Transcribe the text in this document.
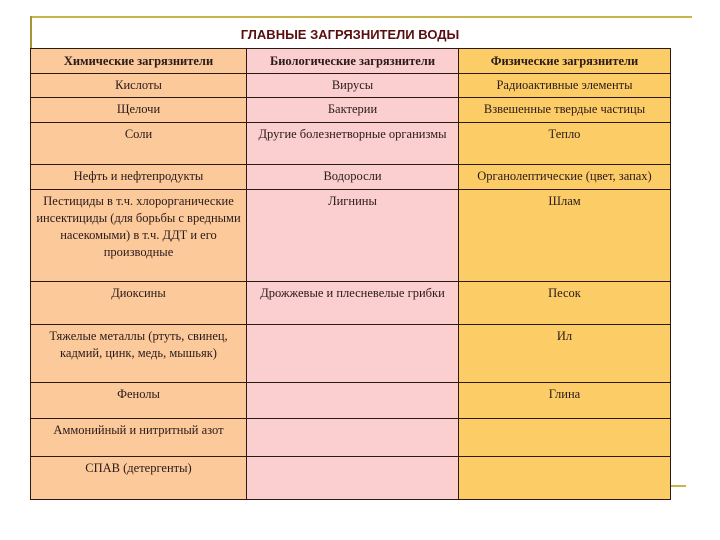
ГЛАВНЫЕ ЗАГРЯЗНИТЕЛИ ВОДЫ
Химические загрязнители	Биологические загрязнители	Физические загрязнители
Кислоты	Вирусы	Радиоактивные элементы
Щелочи	Бактерии	Взвешенные твердые частицы
Соли	Другие болезнетворные организмы	Тепло
Нефть и нефтепродукты	Водоросли	Органолептические (цвет, запах)
Пестициды в т.ч. хлорорганические инсектициды (для борьбы с вредными насекомыми) в т.ч. ДДТ и его производные	Лигнины	Шлам
Диоксины	Дрожжевые и плесневелые грибки	Песок
Тяжелые металлы (ртуть, свинец, кадмий, цинк, медь, мышьяк)		Ил
Фенолы		Глина
Аммонийный и нитритный азот		
СПАВ (детергенты)		
